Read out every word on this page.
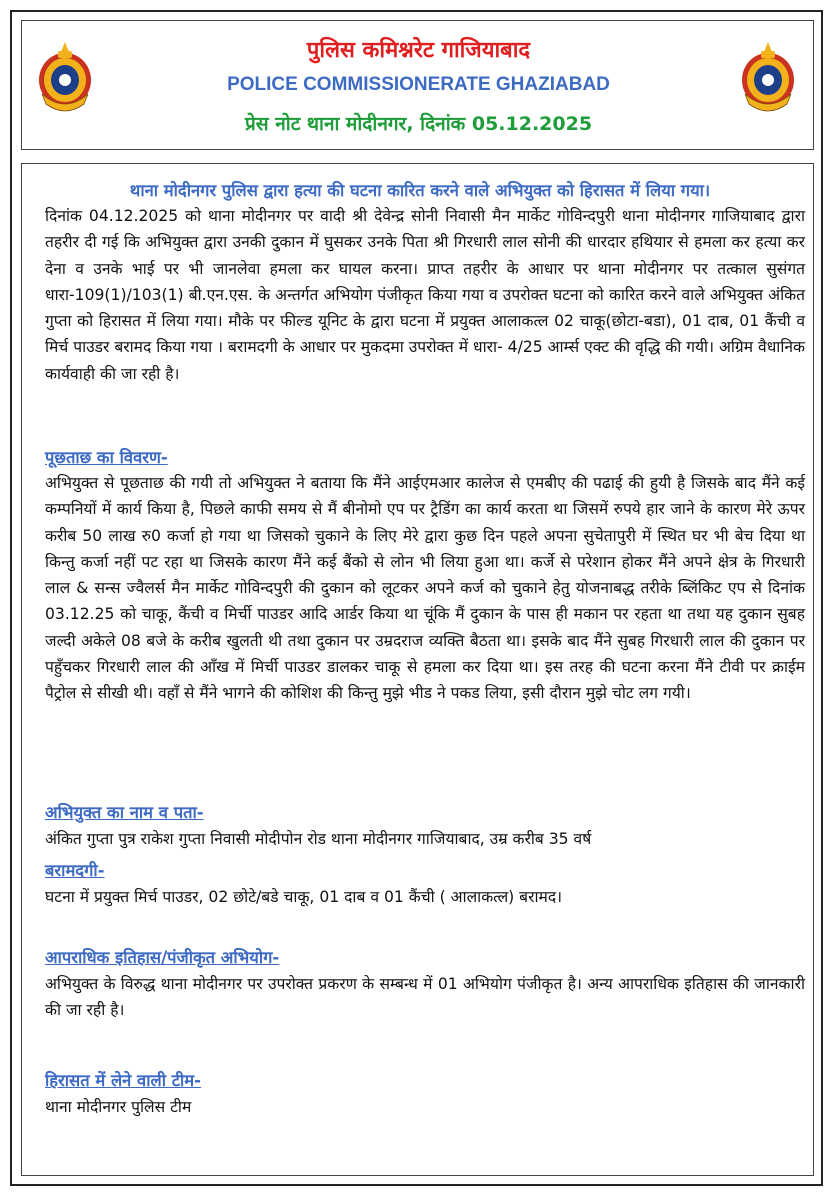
पुलिस कमिश्नरेट गाजियाबाद
POLICE COMMISSIONERATE GHAZIABAD
प्रेस नोट थाना मोदीनगर, दिनांक 05.12.2025
थाना मोदीनगर पुलिस द्वारा हत्या की घटना कारित करने वाले अभियुक्त को हिरासत में लिया गया।
दिनांक 04.12.2025 को थाना मोदीनगर पर वादी श्री देवेन्द्र सोनी निवासी मैन मार्केट गोविन्दपुरी थाना मोदीनगर गाजियाबाद द्वारा तहरीर दी गई कि अभियुक्त द्वारा उनकी दुकान में घुसकर उनके पिता श्री गिरधारी लाल सोनी की धारदार हथियार से हमला कर हत्या कर देना व उनके भाई पर भी जानलेवा हमला कर घायल करना। प्राप्त तहरीर के आधार पर थाना मोदीनगर पर तत्काल सुसंगत धारा-109(1)/103(1) बी.एन.एस. के अन्तर्गत अभियोग पंजीकृत किया गया व उपरोक्त घटना को कारित करने वाले अभियुक्त अंकित गुप्ता को हिरासत में लिया गया। मौके पर फील्ड यूनिट के द्वारा घटना में प्रयुक्त आलाकत्ल 02 चाकू(छोटा-बडा), 01 दाब, 01 कैंची व मिर्च पाउडर बरामद किया गया । बरामदगी के आधार पर मुकदमा उपरोक्त में धारा- 4/25 आर्म्स एक्ट की वृद्धि की गयी। अग्रिम वैधानिक कार्यवाही की जा रही है।
पूछताछ का विवरण-
अभियुक्त से पूछताछ की गयी तो अभियुक्त ने बताया कि मैंने आईएमआर कालेज से एमबीए की पढाई की हुयी है जिसके बाद मैंने कई कम्पनियों में कार्य किया है, पिछले काफी समय से मैं बीनोमो एप पर ट्रैडिंग का कार्य करता था जिसमें रुपये हार जाने के कारण मेरे ऊपर करीब 50 लाख रु0 कर्जा हो गया था जिसको चुकाने के लिए मेरे द्वारा कुछ दिन पहले अपना सुचेतापुरी में स्थित घर भी बेच दिया था किन्तु कर्जा नहीं पट रहा था जिसके कारण मैंने कई बैंको से लोन भी लिया हुआ था। कर्जे से परेशान होकर मैंने अपने क्षेत्र के गिरधारी लाल & सन्स ज्वैलर्स मैन मार्केट गोविन्दपुरी की दुकान को लूटकर अपने कर्ज को चुकाने हेतु योजनाबद्ध तरीके ब्लिंकिट एप से दिनांक 03.12.25 को चाकू, कैंची व मिर्ची पाउडर आदि आर्डर किया था चूंकि मैं दुकान के पास ही मकान पर रहता था तथा यह दुकान सुबह जल्दी अकेले 08 बजे के करीब खुलती थी तथा दुकान पर उम्रदराज व्यक्ति बैठता था। इसके बाद मैंने सुबह गिरधारी लाल की दुकान पर पहुँचकर गिरधारी लाल की आँख में मिर्ची पाउडर डालकर चाकू से हमला कर दिया था। इस तरह की घटना करना मैंने टीवी पर क्राईम पैट्रोल से सीखी थी। वहाँ से मैंने भागने की कोशिश की किन्तु मुझे भीड ने पकड लिया, इसी दौरान मुझे चोट लग गयी।
अभियुक्त का नाम व पता-
अंकित गुप्ता पुत्र राकेश गुप्ता निवासी मोदीपोन रोड थाना मोदीनगर गाजियाबाद, उम्र करीब 35 वर्ष
बरामदगी-
घटना में प्रयुक्त मिर्च पाउडर, 02 छोटे/बडे चाकू, 01 दाब व 01 कैंची ( आलाकत्ल) बरामद।
आपराधिक इतिहास/पंजीकृत अभियोग-
अभियुक्त के विरुद्ध थाना मोदीनगर पर उपरोक्त प्रकरण के सम्बन्ध में 01 अभियोग पंजीकृत है। अन्य आपराधिक इतिहास की जानकारी की जा रही है।
हिरासत में लेने वाली टीम-
थाना मोदीनगर पुलिस टीम
